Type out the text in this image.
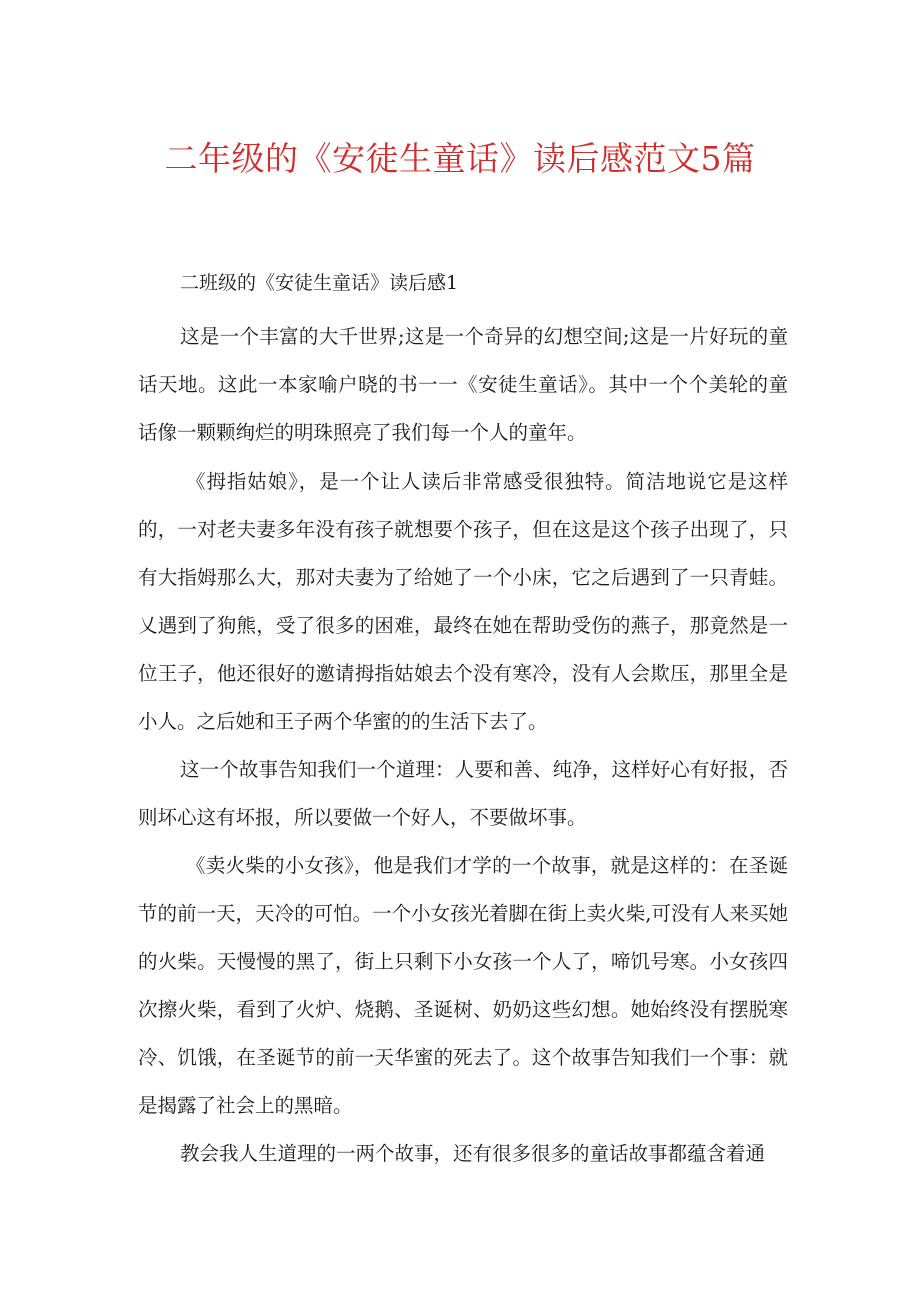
二年级的《安徒生童话》读后感范文5篇
二班级的《安徒生童话》读后感1

这是一个丰富的大千世界;这是一个奇异的幻想空间;这是一片好玩的童话天地。这此一本家喻户晓的书一一《安徒生童话》。其中一个个美轮的童话像一颗颗绚烂的明珠照亮了我们每一个人的童年。

《拇指姑娘》，是一个让人读后非常感受很独特。简洁地说它是这样的，一对老夫妻多年没有孩子就想要个孩子，但在这是这个孩子出现了，只有大指姆那么大，那对夫妻为了给她了一个小床，它之后遇到了一只青蛙。乂遇到了狗熊，受了很多的困难，最终在她在帮助受伤的燕子，那竟然是一位王子，他还很好的邀请拇指姑娘去个没有寒冷，没有人会欺压，那里全是小人。之后她和王子两个华蜜的的生活下去了。

这一个故事告知我们一个道理：人要和善、纯净，这样好心有好报，否则坏心这有坏报，所以要做一个好人，不要做坏事。

《卖火柴的小女孩》，他是我们才学的一个故事，就是这样的：在圣诞节的前一天，天冷的可怕。一个小女孩光着脚在街上卖火柴,可没有人来买她的火柴。天慢慢的黑了，街上只剩下小女孩一个人了，啼饥号寒。小女孩四次擦火柴，看到了火炉、烧鹅、圣诞树、奶奶这些幻想。她始终没有摆脱寒冷、饥饿，在圣诞节的前一天华蜜的死去了。这个故事告知我们一个事：就是揭露了社会上的黑暗。

教会我人生道理的一两个故事，还有很多很多的童话故事都蕴含着通
